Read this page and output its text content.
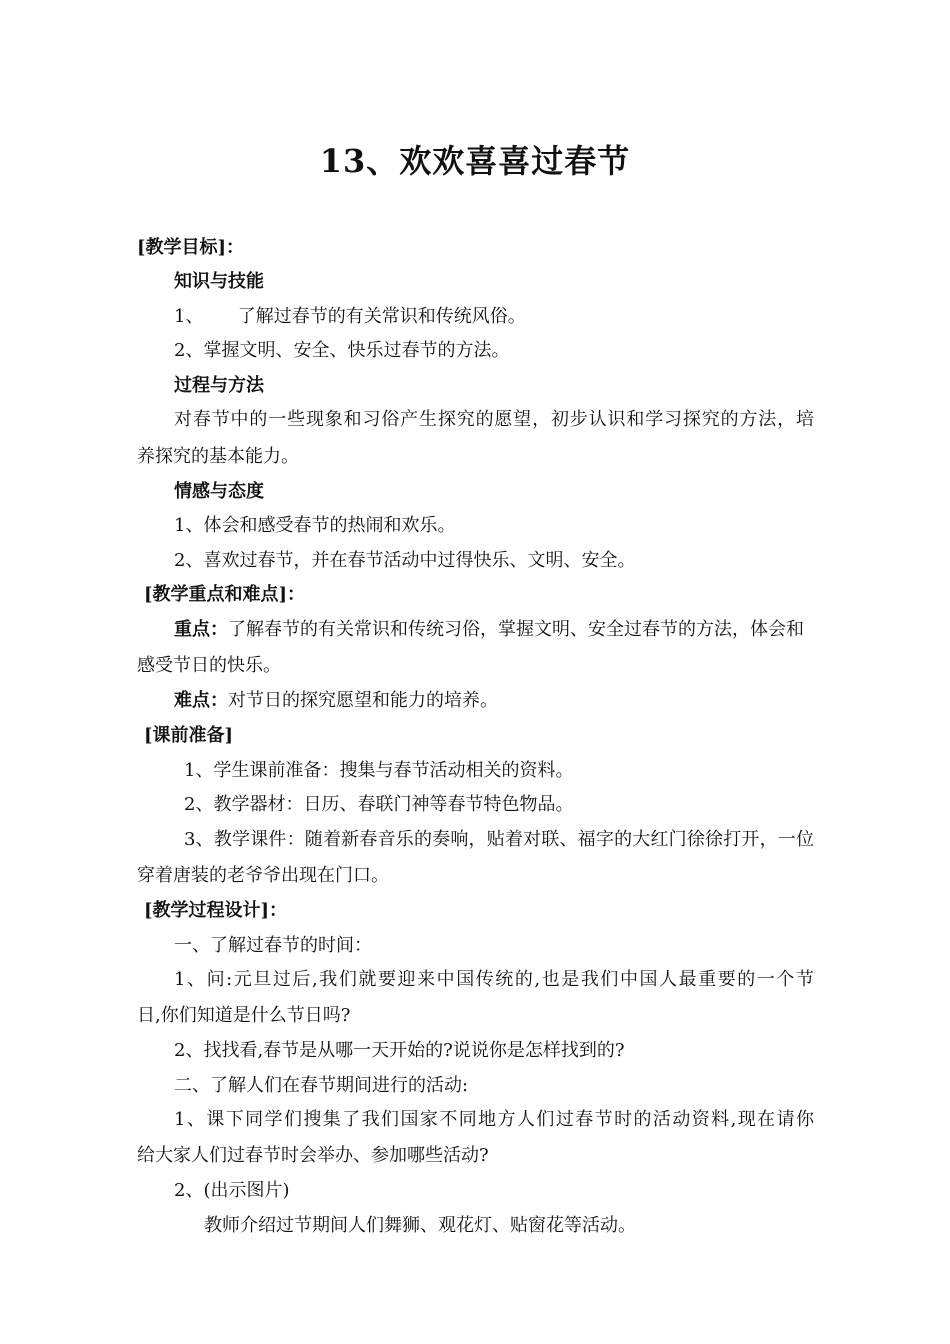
13、欢欢喜喜过春节
[教学目标]：
知识与技能
1、      了解过春节的有关常识和传统风俗。
2、掌握文明、安全、快乐过春节的方法。
过程与方法
对春节中的一些现象和习俗产生探究的愿望，初步认识和学习探究的方法，培
养探究的基本能力。
情感与态度
1、体会和感受春节的热闹和欢乐。
2、喜欢过春节，并在春节活动中过得快乐、文明、安全。
[教学重点和难点]：
重点：了解春节的有关常识和传统习俗，掌握文明、安全过春节的方法，体会和
感受节日的快乐。
难点：对节日的探究愿望和能力的培养。
[课前准备]
1、学生课前准备：搜集与春节活动相关的资料。
2、教学器材：日历、春联门神等春节特色物品。
3、教学课件：随着新春音乐的奏响，贴着对联、福字的大红门徐徐打开，一位
穿着唐装的老爷爷出现在门口。
[教学过程设计]：
一、了解过春节的时间：
1、问:元旦过后,我们就要迎来中国传统的,也是我们中国人最重要的一个节
日,你们知道是什么节日吗?
2、找找看,春节是从哪一天开始的?说说你是怎样找到的?
二、了解人们在春节期间进行的活动:
1、课下同学们搜集了我们国家不同地方人们过春节时的活动资料,现在请你
给大家人们过春节时会举办、参加哪些活动?
2、(出示图片)
教师介绍过节期间人们舞狮、观花灯、贴窗花等活动。
